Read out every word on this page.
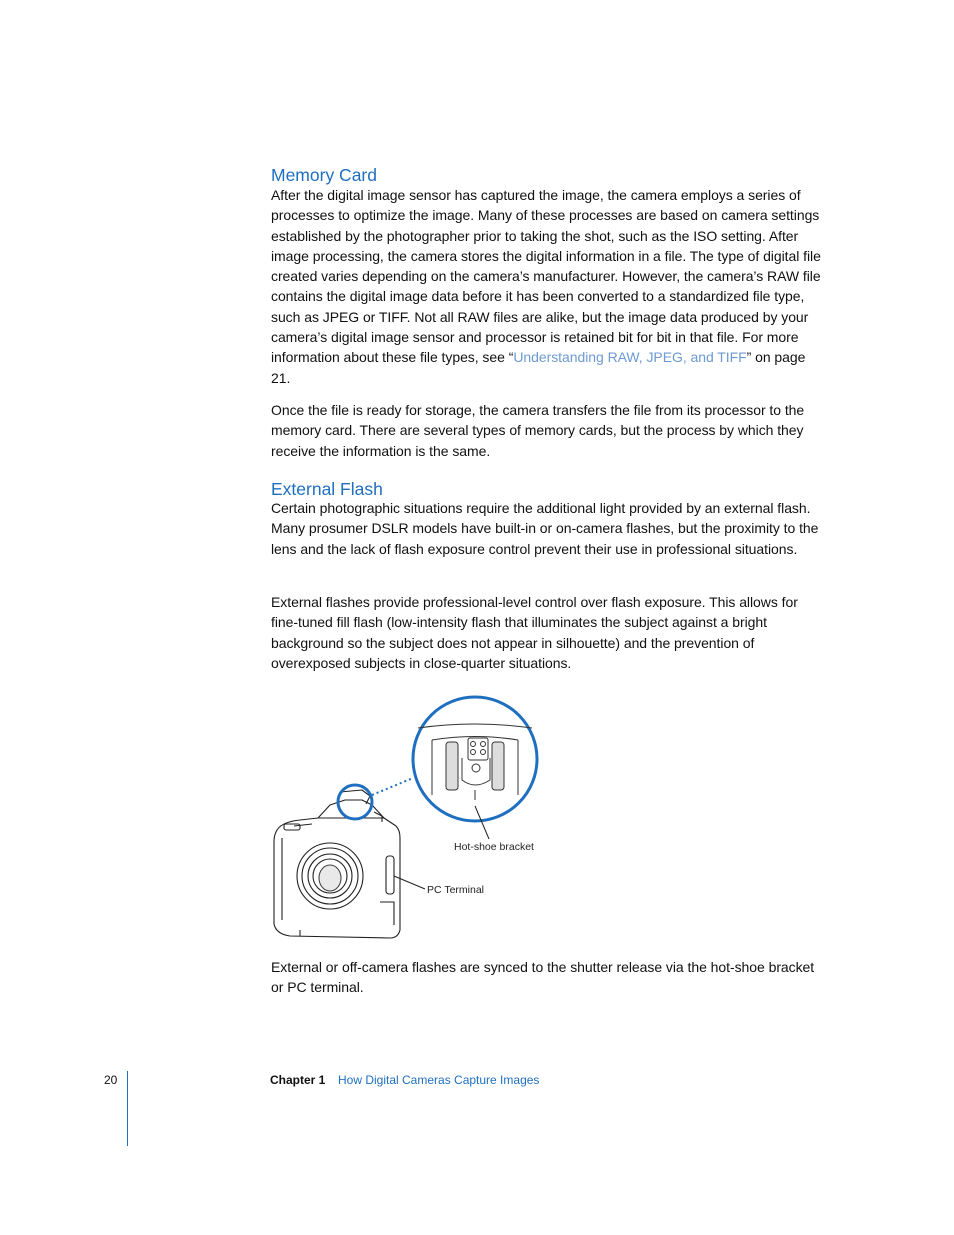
Memory Card

After the digital image sensor has captured the image, the camera employs a series of processes to optimize the image. Many of these processes are based on camera settings established by the photographer prior to taking the shot, such as the ISO setting. After image processing, the camera stores the digital information in a file. The type of digital file created varies depending on the camera’s manufacturer. However, the camera’s RAW file contains the digital image data before it has been converted to a standardized file type, such as JPEG or TIFF. Not all RAW files are alike, but the image data produced by your camera’s digital image sensor and processor is retained bit for bit in that file. For more information about these file types, see “Understanding RAW, JPEG, and TIFF” on page 21.

Once the file is ready for storage, the camera transfers the file from its processor to the memory card. There are several types of memory cards, but the process by which they receive the information is the same.

External Flash

Certain photographic situations require the additional light provided by an external flash. Many prosumer DSLR models have built-in or on-camera flashes, but the proximity to the lens and the lack of flash exposure control prevent their use in professional situations.

External flashes provide professional-level control over flash exposure. This allows for fine-tuned fill flash (low-intensity flash that illuminates the subject against a bright background so the subject does not appear in silhouette) and the prevention of overexposed subjects in close-quarter situations.

Hot-shoe bracket
PC Terminal

External or off-camera flashes are synced to the shutter release via the hot-shoe bracket or PC terminal.

20	Chapter 1 How Digital Cameras Capture Images
